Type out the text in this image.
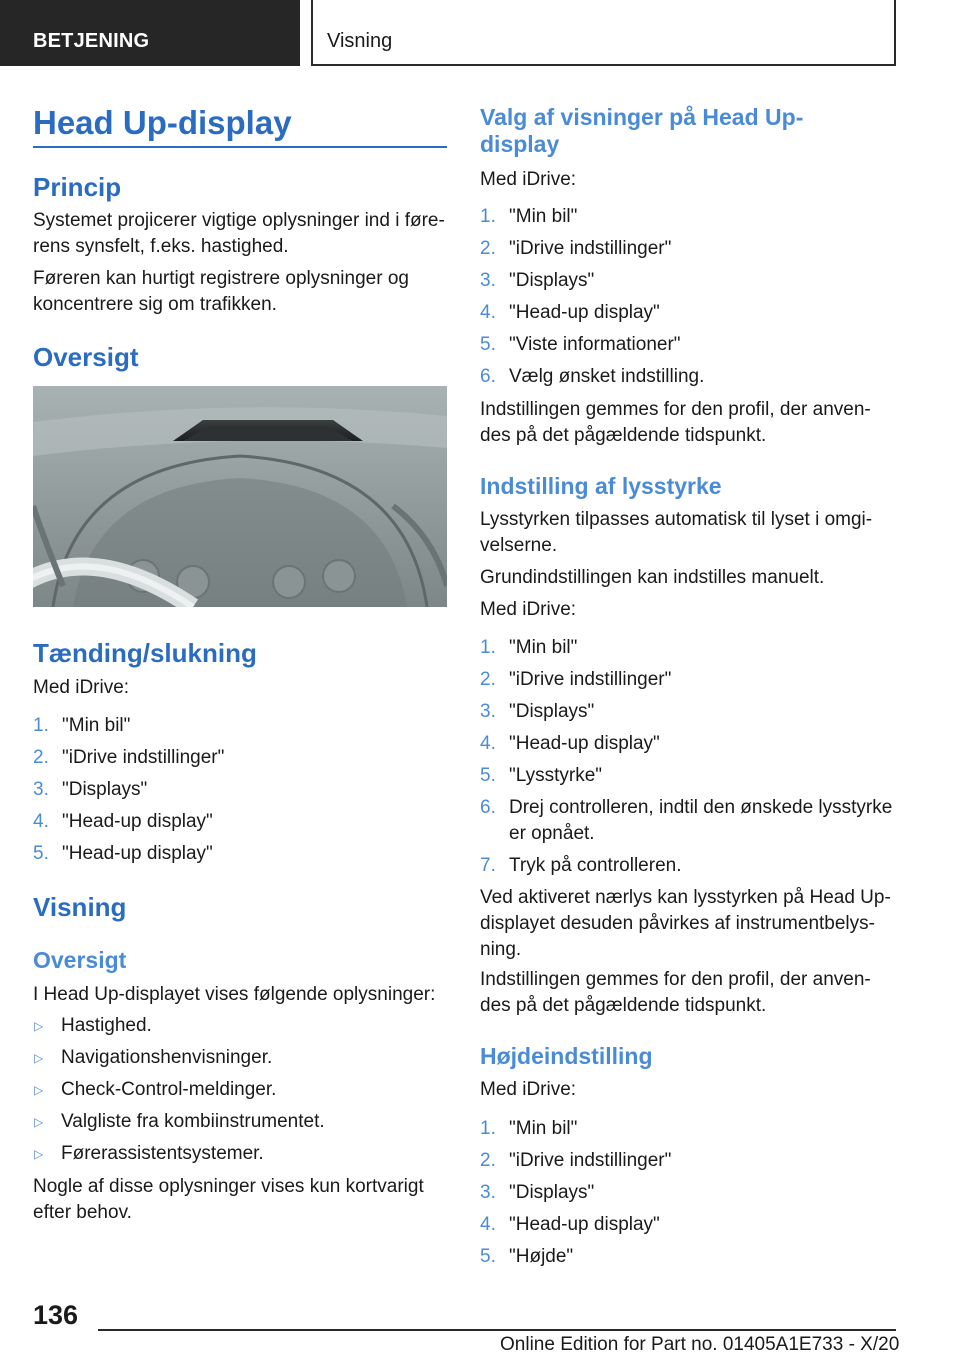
BETJENING	Visning
Head Up-display
Princip
Systemet projicerer vigtige oplysninger ind i føre-
rens synsfelt, f.eks. hastighed.
Føreren kan hurtigt registrere oplysninger og
koncentrere sig om trafikken.
Oversigt
Tænding/slukning
Med iDrive:
1. "Min bil"
2. "iDrive indstillinger"
3. "Displays"
4. "Head-up display"
5. "Head-up display"
Visning
Oversigt
I Head Up-displayet vises følgende oplysninger:
▷ Hastighed.
▷ Navigationshenvisninger.
▷ Check-Control-meldinger.
▷ Valgliste fra kombiinstrumentet.
▷ Førerassistentsystemer.
Nogle af disse oplysninger vises kun kortvarigt
efter behov.
Valg af visninger på Head Up-
display
Med iDrive:
1. "Min bil"
2. "iDrive indstillinger"
3. "Displays"
4. "Head-up display"
5. "Viste informationer"
6. Vælg ønsket indstilling.
Indstillingen gemmes for den profil, der anven-
des på det pågældende tidspunkt.
Indstilling af lysstyrke
Lysstyrken tilpasses automatisk til lyset i omgi-
velserne.
Grundindstillingen kan indstilles manuelt.
Med iDrive:
1. "Min bil"
2. "iDrive indstillinger"
3. "Displays"
4. "Head-up display"
5. "Lysstyrke"
6. Drej controlleren, indtil den ønskede lysstyrke
er opnået.
7. Tryk på controlleren.
Ved aktiveret nærlys kan lysstyrken på Head Up-
displayet desuden påvirkes af instrumentbelys-
ning.
Indstillingen gemmes for den profil, der anven-
des på det pågældende tidspunkt.
Højdeindstilling
Med iDrive:
1. "Min bil"
2. "iDrive indstillinger"
3. "Displays"
4. "Head-up display"
5. "Højde"
136
Online Edition for Part no. 01405A1E733 - X/20
